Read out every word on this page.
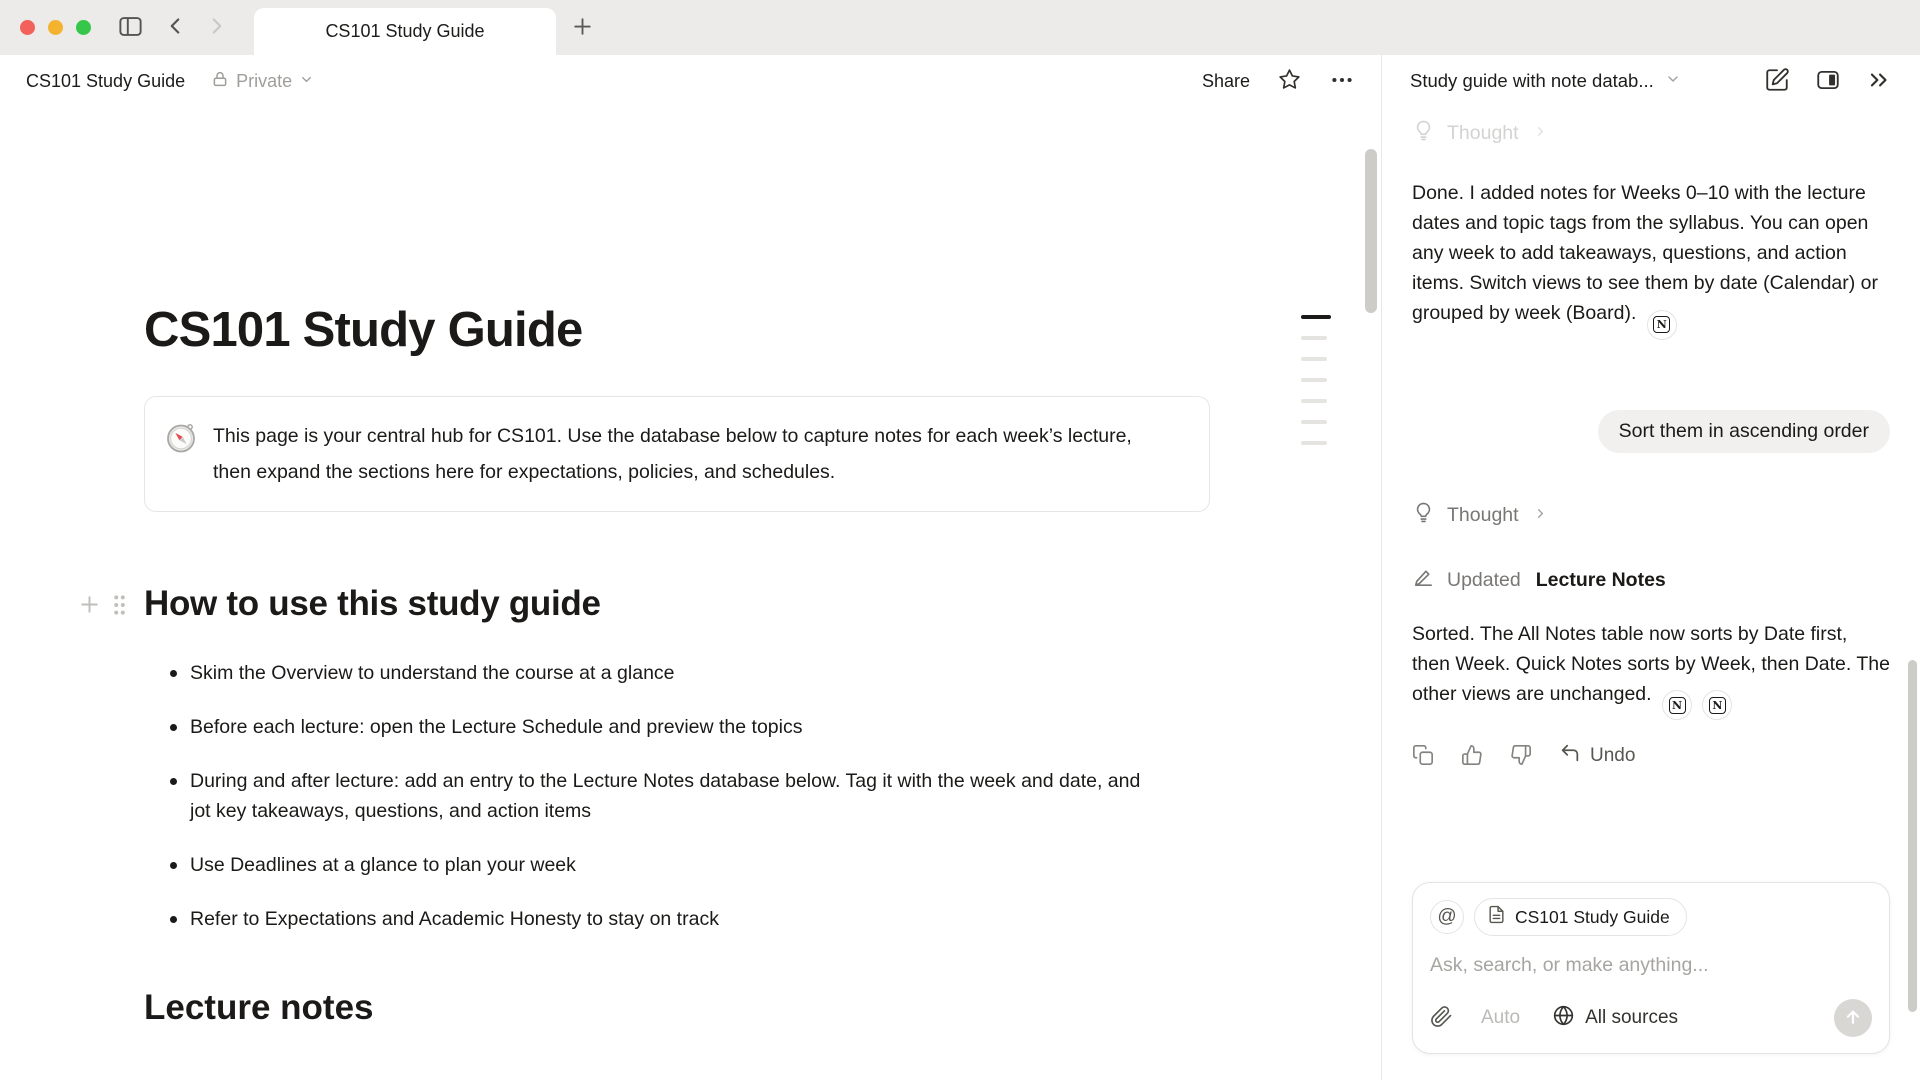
CS101 Study Guide
CS101 Study Guide	Private	Share
CS101 Study Guide

This page is your central hub for CS101. Use the database below to capture notes for each week’s lecture, then expand the sections here for expectations, policies, and schedules.

How to use this study guide
Skim the Overview to understand the course at a glance
Before each lecture: open the Lecture Schedule and preview the topics
During and after lecture: add an entry to the Lecture Notes database below. Tag it with the week and date, and jot key takeaways, questions, and action items
Use Deadlines at a glance to plan your week
Refer to Expectations and Academic Honesty to stay on track
Lecture notes
Study guide with note datab...
Thought

Done. I added notes for Weeks 0–10 with the lecture dates and topic tags from the syllabus. You can open any week to add takeaways, questions, and action items. Switch views to see them by date (Calendar) or grouped by week (Board).
N

Sort them in ascending order
Thought
Updated Lecture Notes

Sorted. The All Notes table now sorts by Date first, then Week. Quick Notes sorts by Week, then Date. The other views are unchanged.
N
	N

Undo
@	CS101 Study Guide
Ask, search, or make anything...
Auto	All sources
